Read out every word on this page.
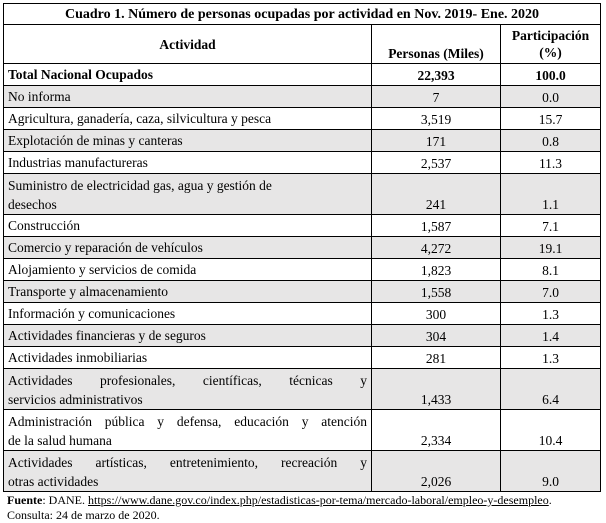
Cuadro 1. Número de personas ocupadas por actividad en Nov. 2019- Ene. 2020		
Actividad	Personas (Miles)	Participación
(%)
Total Nacional Ocupados	22,393	100.0
No informa	7	0.0
Agricultura, ganadería, caza, silvicultura y pesca	3,519	15.7
Explotación de minas y canteras	171	0.8
Industrias manufactureras	2,537	11.3
Suministro de electricidad gas, agua y gestión de
desechos	241	1.1
Construcción	1,587	7.1
Comercio y reparación de vehículos	4,272	19.1
Alojamiento y servicios de comida	1,823	8.1
Transporte y almacenamiento	1,558	7.0
Información y comunicaciones	300	1.3
Actividades financieras y de seguros	304	1.4
Actividades inmobiliarias	281	1.3

Actividades profesionales, científicas, técnicas y
servicios administrativos	1,433	6.4

Administración pública y defensa, educación y atención
de la salud humana	2,334	10.4

Actividades artísticas, entretenimiento, recreación y
otras actividades	2,026	9.0
Fuente: DANE. https://www.dane.gov.co/index.php/estadisticas-por-tema/mercado-laboral/empleo-y-desempleo. Consulta: 24 de marzo de 2020.
